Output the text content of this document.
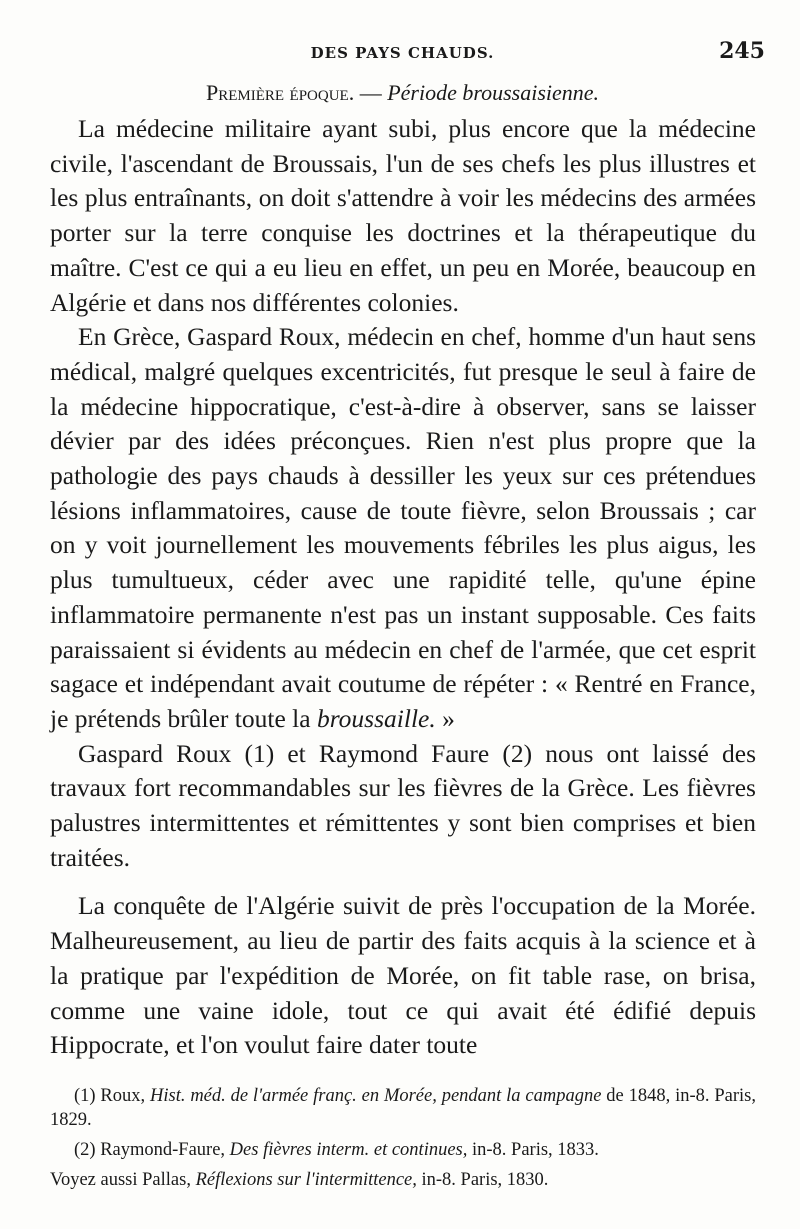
DES PAYS CHAUDS.	245
Première époque. — Période broussaisienne.

La médecine militaire ayant subi, plus encore que la médecine civile, l'ascendant de Broussais, l'un de ses chefs les plus illustres et les plus entraînants, on doit s'attendre à voir les médecins des armées porter sur la terre conquise les doctrines et la thérapeutique du maître. C'est ce qui a eu lieu en effet, un peu en Morée, beaucoup en Algérie et dans nos différentes colonies.

En Grèce, Gaspard Roux, médecin en chef, homme d'un haut sens médical, malgré quelques excentricités, fut presque le seul à faire de la médecine hippocratique, c'est-à-dire à observer, sans se laisser dévier par des idées préconçues. Rien n'est plus propre que la pathologie des pays chauds à dessiller les yeux sur ces prétendues lésions inflammatoires, cause de toute fièvre, selon Broussais ; car on y voit journellement les mouvements fébriles les plus aigus, les plus tumultueux, céder avec une rapidité telle, qu'une épine inflammatoire permanente n'est pas un instant supposable. Ces faits paraissaient si évidents au médecin en chef de l'armée, que cet esprit sagace et indépendant avait coutume de répéter : « Rentré en France, je prétends brûler toute la broussaille. »

Gaspard Roux (1) et Raymond Faure (2) nous ont laissé des travaux fort recommandables sur les fièvres de la Grèce. Les fièvres palustres intermittentes et rémittentes y sont bien comprises et bien traitées.

La conquête de l'Algérie suivit de près l'occupation de la Morée. Malheureusement, au lieu de partir des faits acquis à la science et à la pratique par l'expédition de Morée, on fit table rase, on brisa, comme une vaine idole, tout ce qui avait été édifié depuis Hippocrate, et l'on voulut faire dater toute

(1) Roux, Hist. méd. de l'armée franç. en Morée, pendant la campagne de 1848, in-8. Paris, 1829.

(2) Raymond-Faure, Des fièvres interm. et continues, in-8. Paris, 1833.

Voyez aussi Pallas, Réflexions sur l'intermittence, in-8. Paris, 1830.
